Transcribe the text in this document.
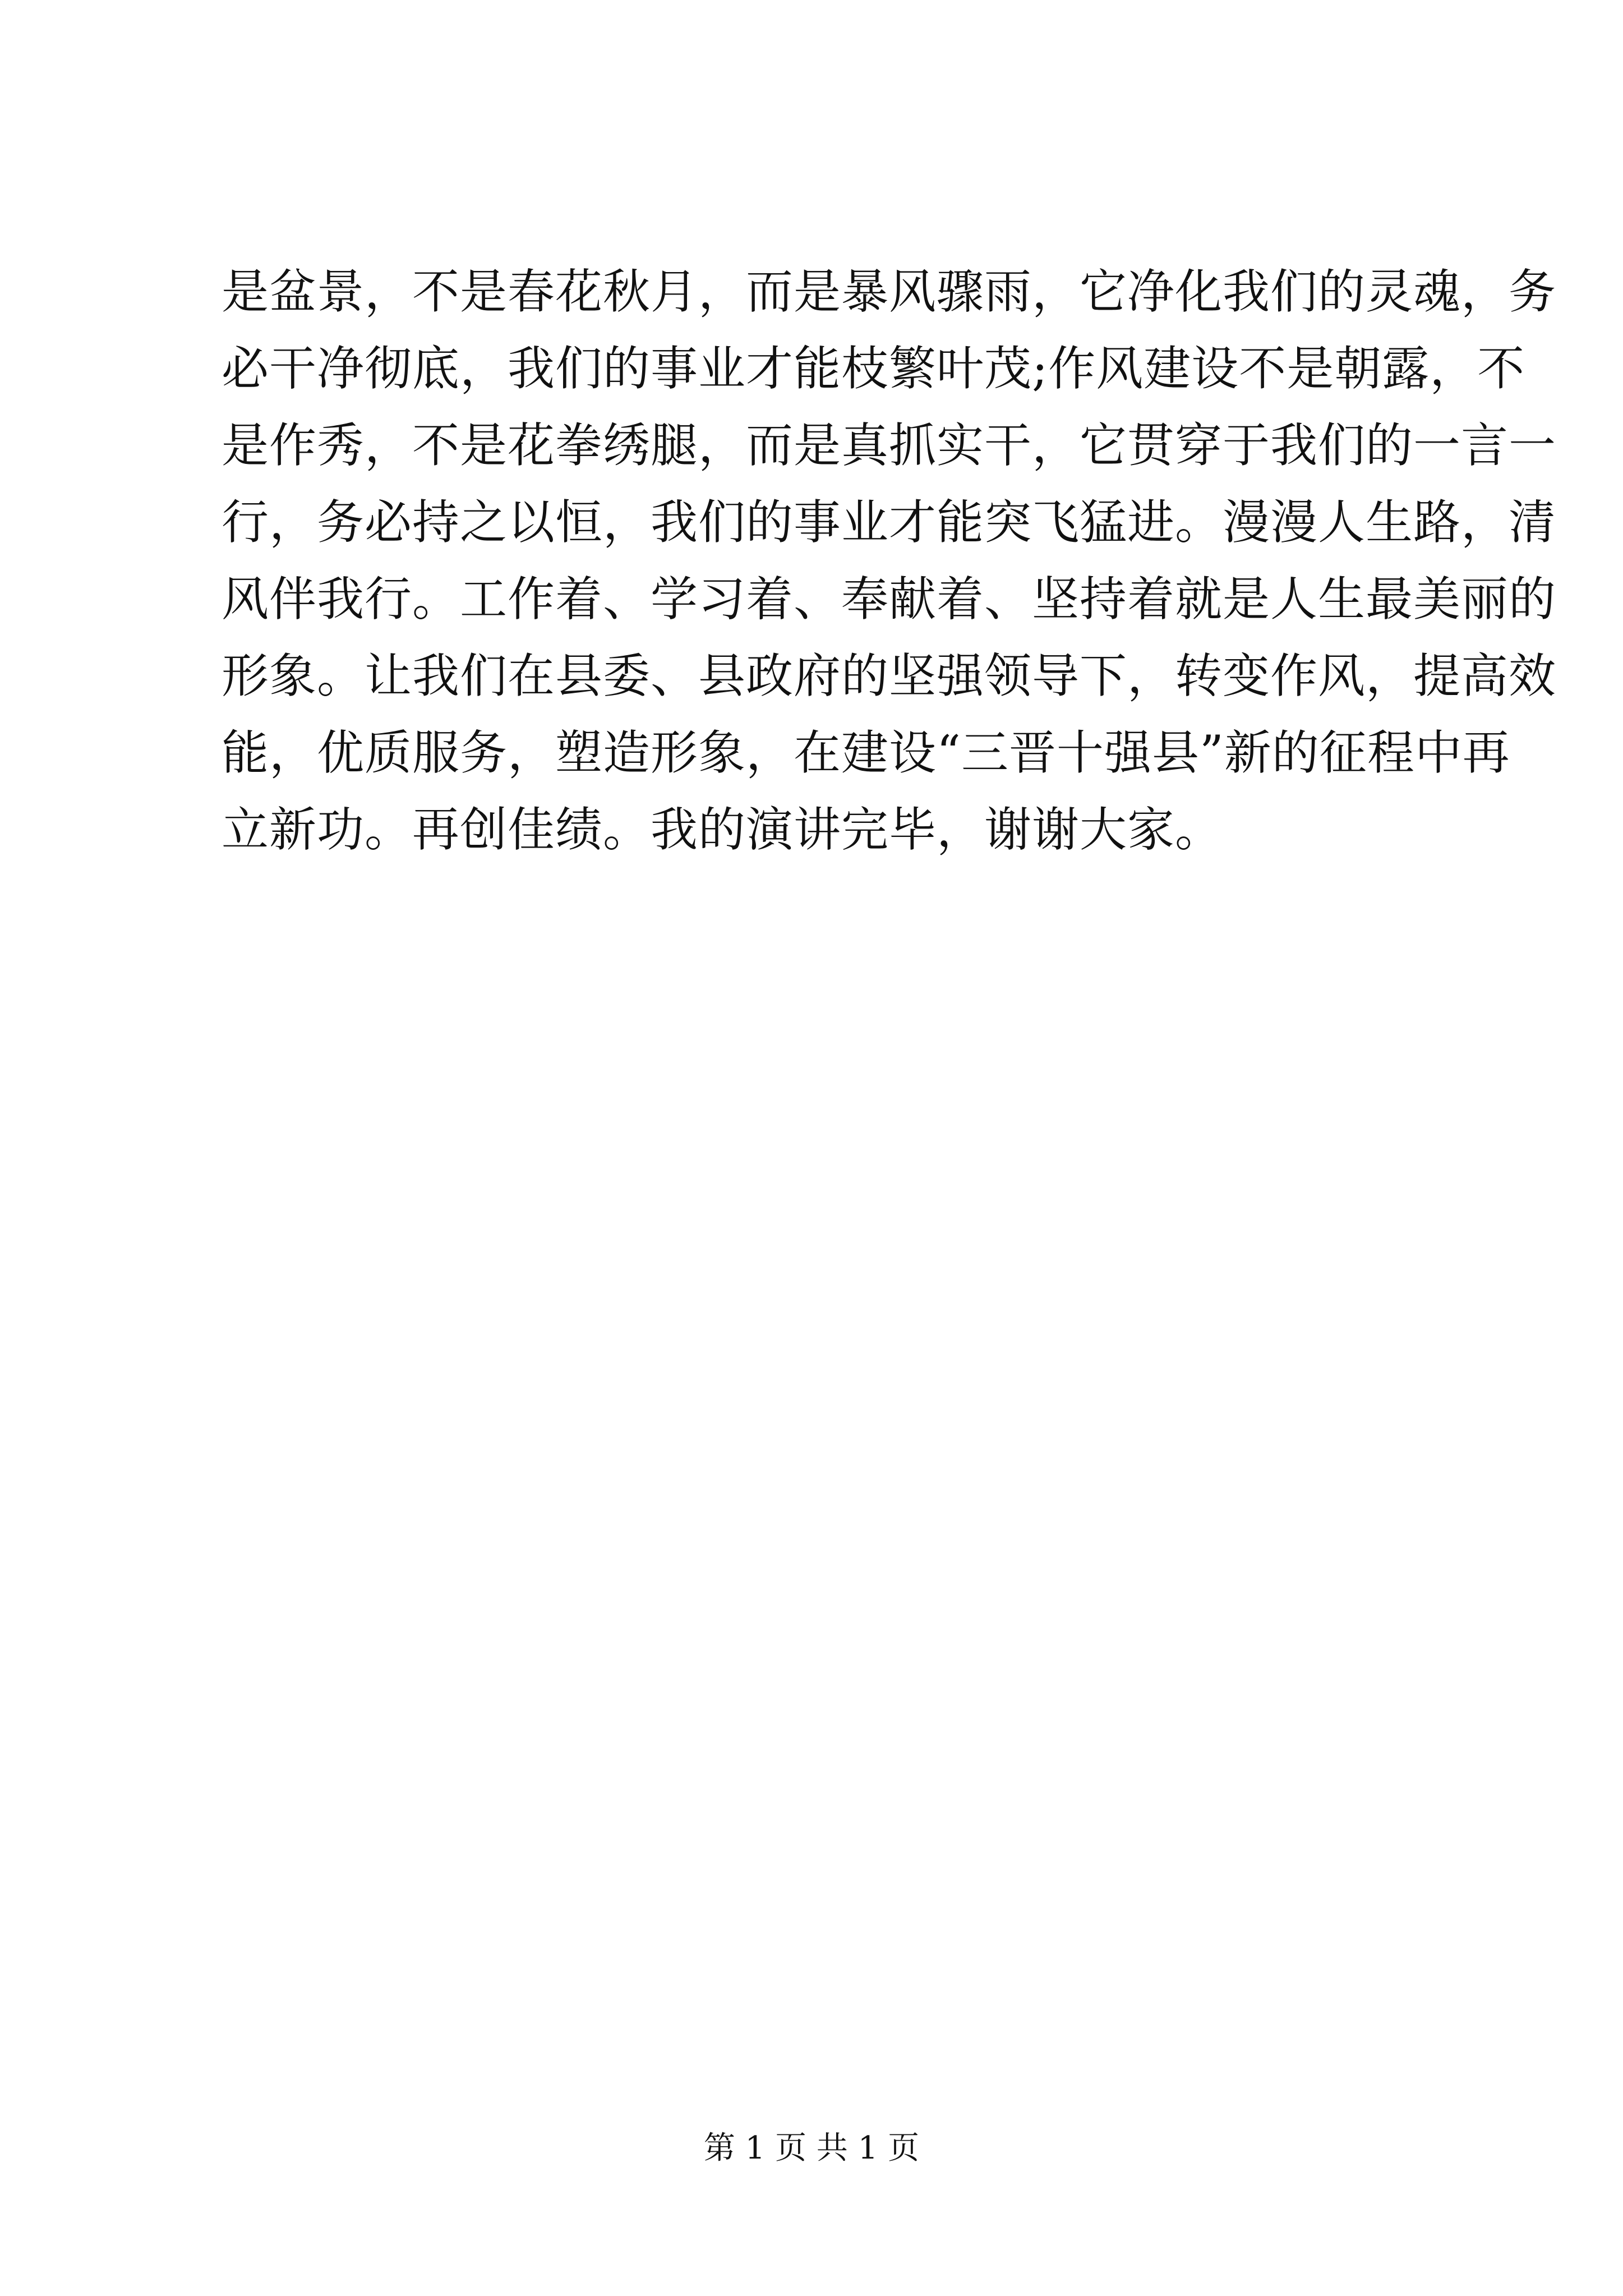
是盆景，不是春花秋月，而是暴风骤雨，它净化我们的灵魂，务
必干净彻底，我们的事业才能枝繁叶茂;作风建设不是朝露，不
是作秀，不是花拳绣腿，而是真抓实干，它贯穿于我们的一言一
行，务必持之以恒，我们的事业才能突飞猛进。漫漫人生路，清
风伴我行。工作着、学习着、奉献着、坚持着就是人生最美丽的
形象。让我们在县委、县政府的坚强领导下，转变作风，提高效
能，优质服务，塑造形象，在建设“三晋十强县”新的征程中再
立新功。再创佳绩。我的演讲完毕，谢谢大家。
第 1 页 共 1 页
